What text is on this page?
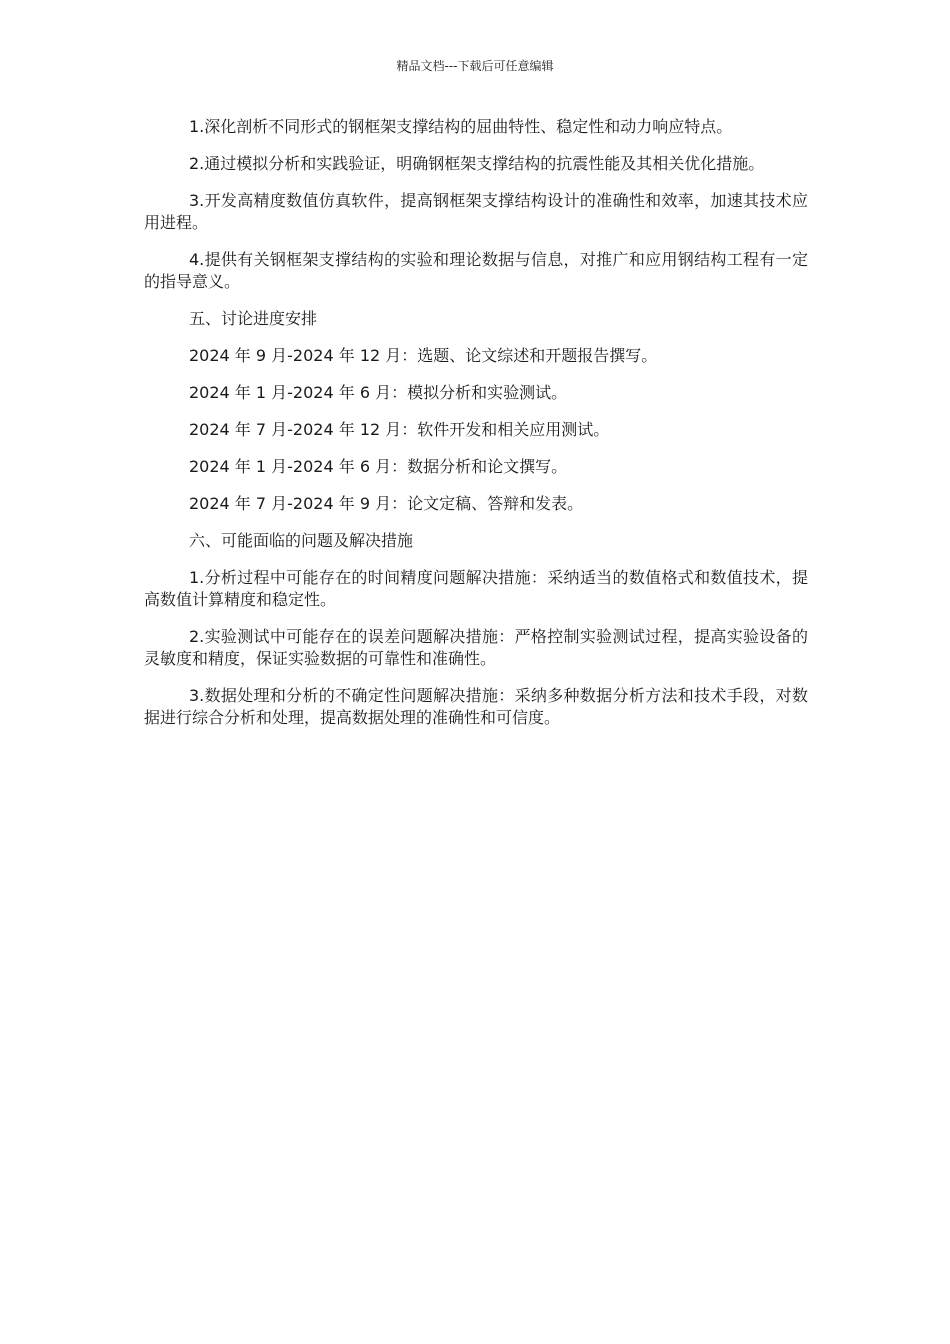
精品文档---下载后可任意编辑

1.深化剖析不同形式的钢框架支撑结构的屈曲特性、稳定性和动力响应特点。

2.通过模拟分析和实践验证，明确钢框架支撑结构的抗震性能及其相关优化措施。

3.开发高精度数值仿真软件，提高钢框架支撑结构设计的准确性和效率，加速其技术应用进程。

4.提供有关钢框架支撑结构的实验和理论数据与信息，对推广和应用钢结构工程有一定的指导意义。

五、讨论进度安排

2024 年 9 月-2024 年 12 月：选题、论文综述和开题报告撰写。

2024 年 1 月-2024 年 6 月：模拟分析和实验测试。

2024 年 7 月-2024 年 12 月：软件开发和相关应用测试。

2024 年 1 月-2024 年 6 月：数据分析和论文撰写。

2024 年 7 月-2024 年 9 月：论文定稿、答辩和发表。

六、可能面临的问题及解决措施

1.分析过程中可能存在的时间精度问题解决措施：采纳适当的数值格式和数值技术，提高数值计算精度和稳定性。

2.实验测试中可能存在的误差问题解决措施：严格控制实验测试过程，提高实验设备的灵敏度和精度，保证实验数据的可靠性和准确性。

3.数据处理和分析的不确定性问题解决措施：采纳多种数据分析方法和技术手段，对数据进行综合分析和处理，提高数据处理的准确性和可信度。
